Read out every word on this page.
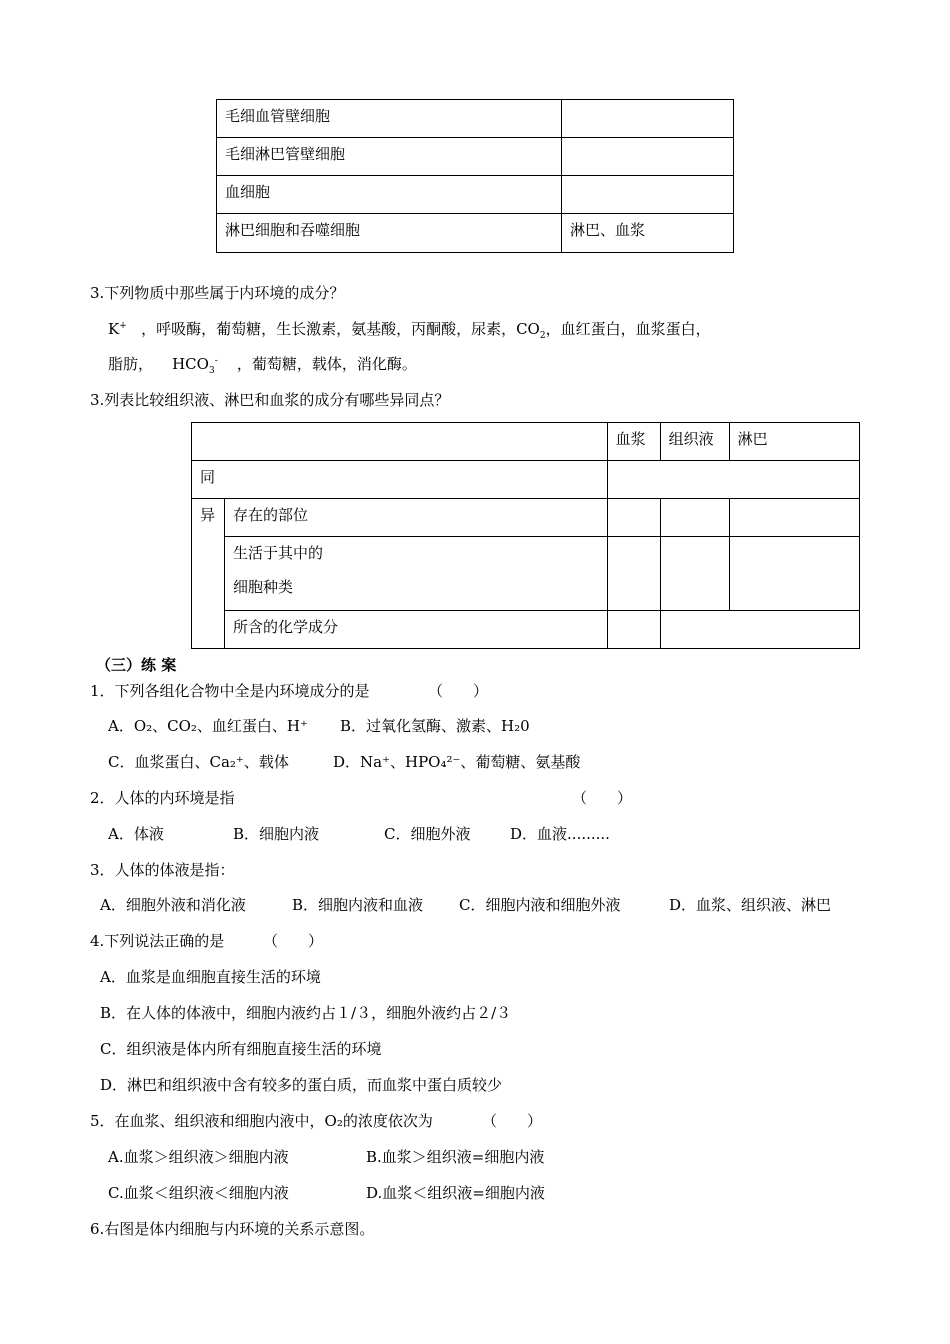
毛细血管壁细胞	
毛细淋巴管壁细胞	
血细胞	
淋巴细胞和吞噬细胞	淋巴、血浆
3.下列物质中那些属于内环境的成分？
K+ ，呼吸酶，葡萄糖，生长激素，氨基酸，丙酮酸，尿素，$CO_2$，血红蛋白，血浆蛋白，
脂肪， $HCO_3^-$ ，葡萄糖，载体，消化酶。
3.列表比较组织液、淋巴和血浆的成分有哪些异同点？
		血浆	组织液	淋巴
同				
异	存在的部位			

	生活于其中的
细胞种类			

	所含的化学成分			
（三）练 案
1．下列各组化合物中全是内环境成分的是	（　　）
A．O₂、CO₂、血红蛋白、H⁺ B．过氧化氢酶、激素、H₂0
C．血浆蛋白、Ca₂⁺、载体	D．Na⁺、HPO₄²⁻、葡萄糖、氨基酸
2．人体的内环境是指	（　　）
A．体液	B．细胞内液	C．细胞外液	D．血液.........
3．人体的体液是指：
A．细胞外液和消化液	B．细胞内液和血液 C．细胞内液和细胞外液	D．血浆、组织液、淋巴
4.下列说法正确的是	（　　）
A．血浆是血细胞直接生活的环境
B．在人体的体液中，细胞内液约占１/３，细胞外液约占２/３
C．组织液是体内所有细胞直接生活的环境
D．淋巴和组织液中含有较多的蛋白质，而血浆中蛋白质较少
5．在血浆、组织液和细胞内液中，O₂的浓度依次为	（　　）
A.血浆＞组织液＞细胞内液	B.血浆＞组织液=细胞内液
C.血浆＜组织液＜细胞内液	D.血浆＜组织液=细胞内液
6.右图是体内细胞与内环境的关系示意图。
